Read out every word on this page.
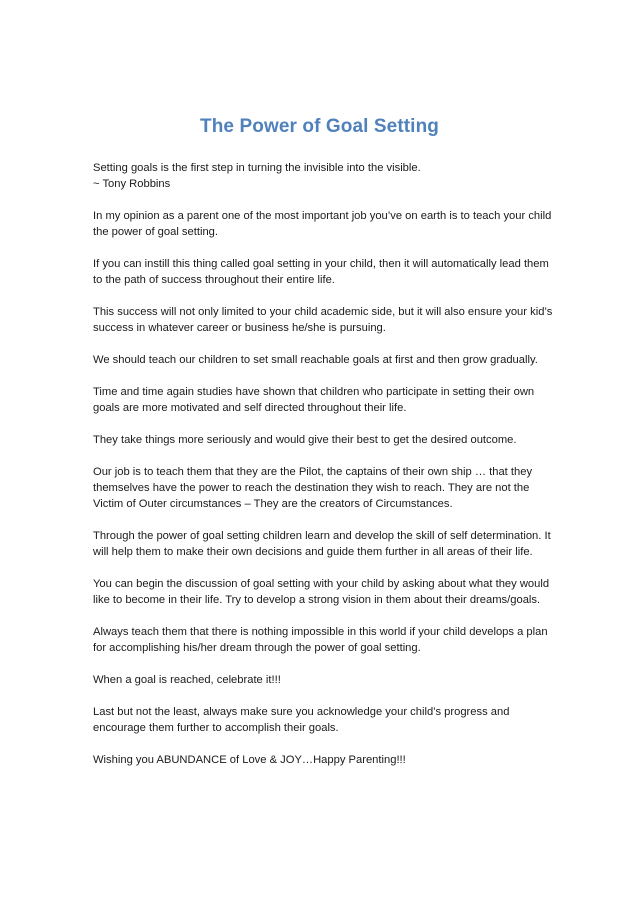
The Power of Goal Setting

Setting goals is the first step in turning the invisible into the visible.

~ Tony Robbins

In my opinion as a parent one of the most important job you’ve on earth is to teach your child the power of goal setting.

If you can instill this thing called goal setting in your child, then it will automatically lead them to the path of success throughout their entire life.

This success will not only limited to your child academic side, but it will also ensure your kid’s success in whatever career or business he/she is pursuing.

We should teach our children to set small reachable goals at first and then grow gradually.

Time and time again studies have shown that children who participate in setting their own goals are more motivated and self directed throughout their life.

They take things more seriously and would give their best to get the desired outcome.

Our job is to teach them that they are the Pilot, the captains of their own ship … that they themselves have the power to reach the destination they wish to reach. They are not the Victim of Outer circumstances – They are the creators of Circumstances.

Through the power of goal setting children learn and develop the skill of self determination. It will help them to make their own decisions and guide them further in all areas of their life.

You can begin the discussion of goal setting with your child by asking about what they would like to become in their life. Try to develop a strong vision in them about their dreams/goals.

Always teach them that there is nothing impossible in this world if your child develops a plan for accomplishing his/her dream through the power of goal setting.

When a goal is reached, celebrate it!!!

Last but not the least, always make sure you acknowledge your child’s progress and encourage them further to accomplish their goals.

Wishing you ABUNDANCE of Love & JOY…Happy Parenting!!!
